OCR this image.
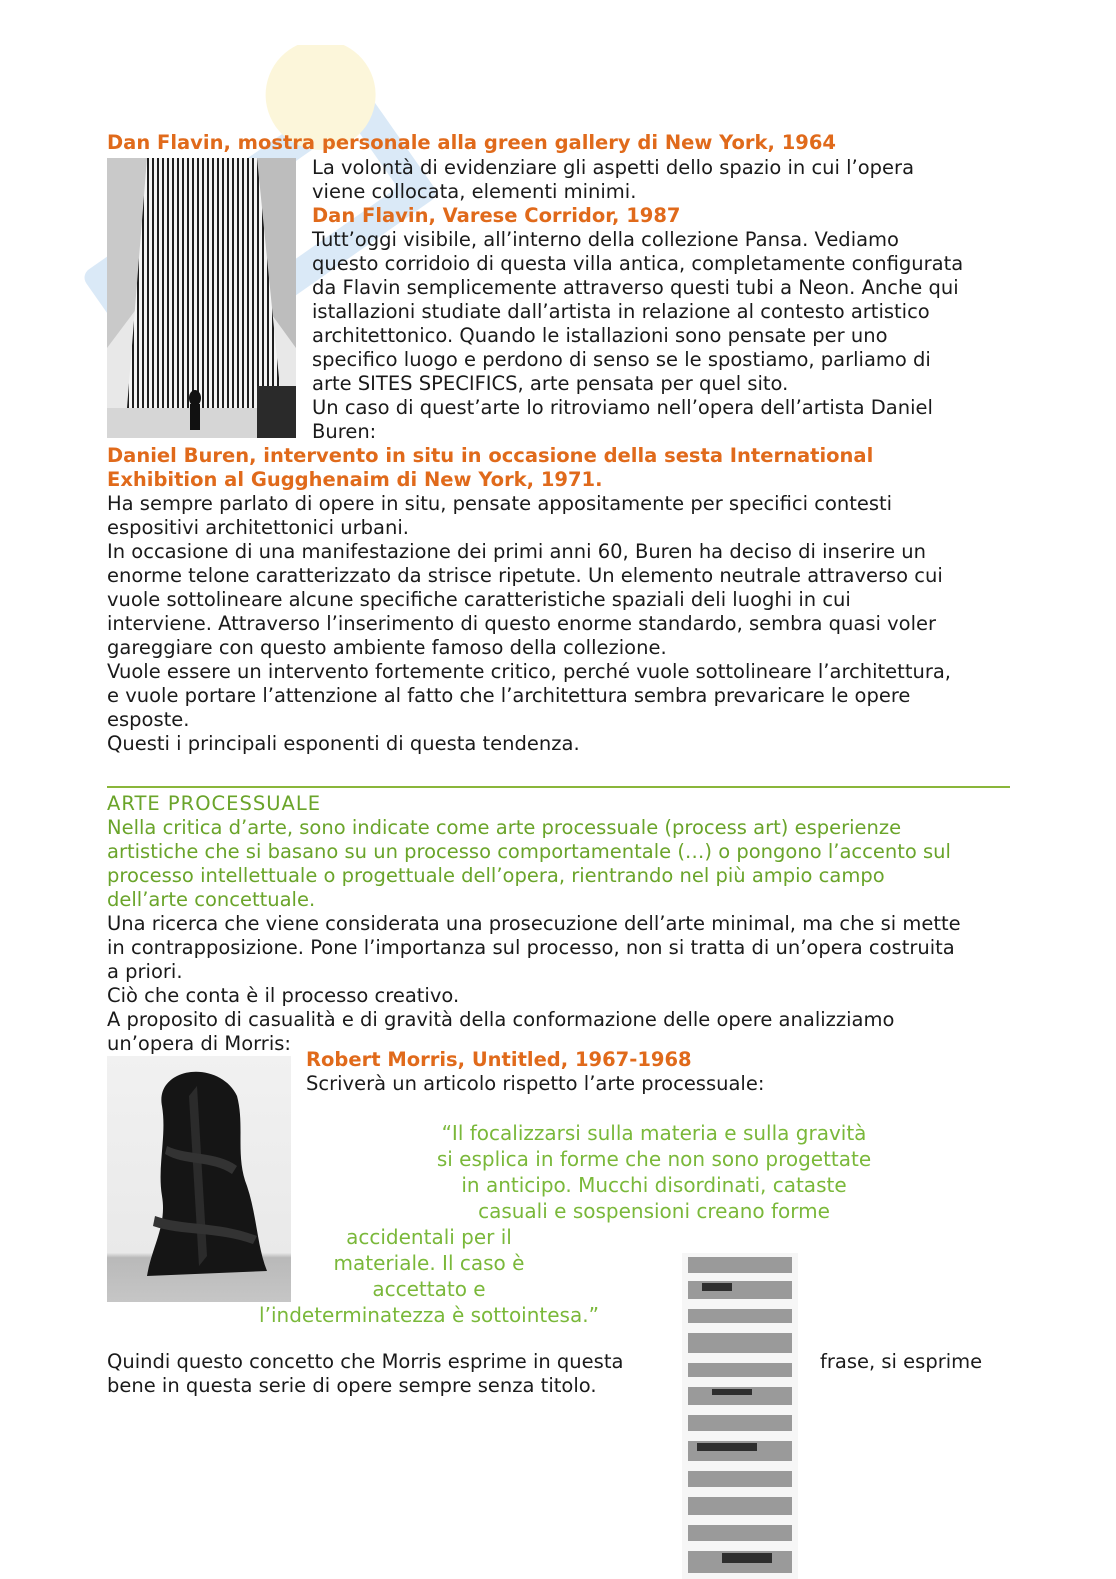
Dan Flavin, mostra personale alla green gallery di New York, 1964

La volontà di evidenziare gli aspetti dello spazio in cui l’opera

viene collocata, elementi minimi.

Dan Flavin, Varese Corridor, 1987

Tutt’oggi visibile, all’interno della collezione Pansa. Vediamo

questo corridoio di questa villa antica, completamente configurata

da Flavin semplicemente attraverso questi tubi a Neon. Anche qui

istallazioni studiate dall’artista in relazione al contesto artistico

architettonico. Quando le istallazioni sono pensate per uno

specifico luogo e perdono di senso se le spostiamo, parliamo di

arte SITES SPECIFICS, arte pensata per quel sito.

Un caso di quest’arte lo ritroviamo nell’opera dell’artista Daniel

Buren:

Daniel Buren, intervento in situ in occasione della sesta International

Exhibition al Gugghenaim di New York, 1971.

Ha sempre parlato di opere in situ, pensate appositamente per specifici contesti

espositivi architettonici urbani.

In occasione di una manifestazione dei primi anni 60, Buren ha deciso di inserire un

enorme telone caratterizzato da strisce ripetute. Un elemento neutrale attraverso cui

vuole sottolineare alcune specifiche caratteristiche spaziali deli luoghi in cui

interviene. Attraverso l’inserimento di questo enorme standardo, sembra quasi voler

gareggiare con questo ambiente famoso della collezione.

Vuole essere un intervento fortemente critico, perché vuole sottolineare l’architettura,

e vuole portare l’attenzione al fatto che l’architettura sembra prevaricare le opere

esposte.

Questi i principali esponenti di questa tendenza.

ARTE PROCESSUALE

Nella critica d’arte, sono indicate come arte processuale (process art) esperienze

artistiche che si basano su un processo comportamentale (…) o pongono l’accento sul

processo intellettuale o progettuale dell’opera, rientrando nel più ampio campo

dell’arte concettuale.

Una ricerca che viene considerata una prosecuzione dell’arte minimal, ma che si mette

in contrapposizione. Pone l’importanza sul processo, non si tratta di un’opera costruita

a priori.

Ciò che conta è il processo creativo.

A proposito di casualità e di gravità della conformazione delle opere analizziamo

un’opera di Morris:

Robert Morris, Untitled, 1967-1968

Scriverà un articolo rispetto l’arte processuale:

“Il focalizzarsi sulla materia e sulla gravità

si esplica in forme che non sono progettate

in anticipo. Mucchi disordinati, cataste

casuali e sospensioni creano forme

accidentali per il

materiale. Il caso è

accettato e

l’indeterminatezza è sottointesa.”

Quindi questo concetto che Morris esprime in questa

bene in questa serie di opere sempre senza titolo.

frase, si esprime
